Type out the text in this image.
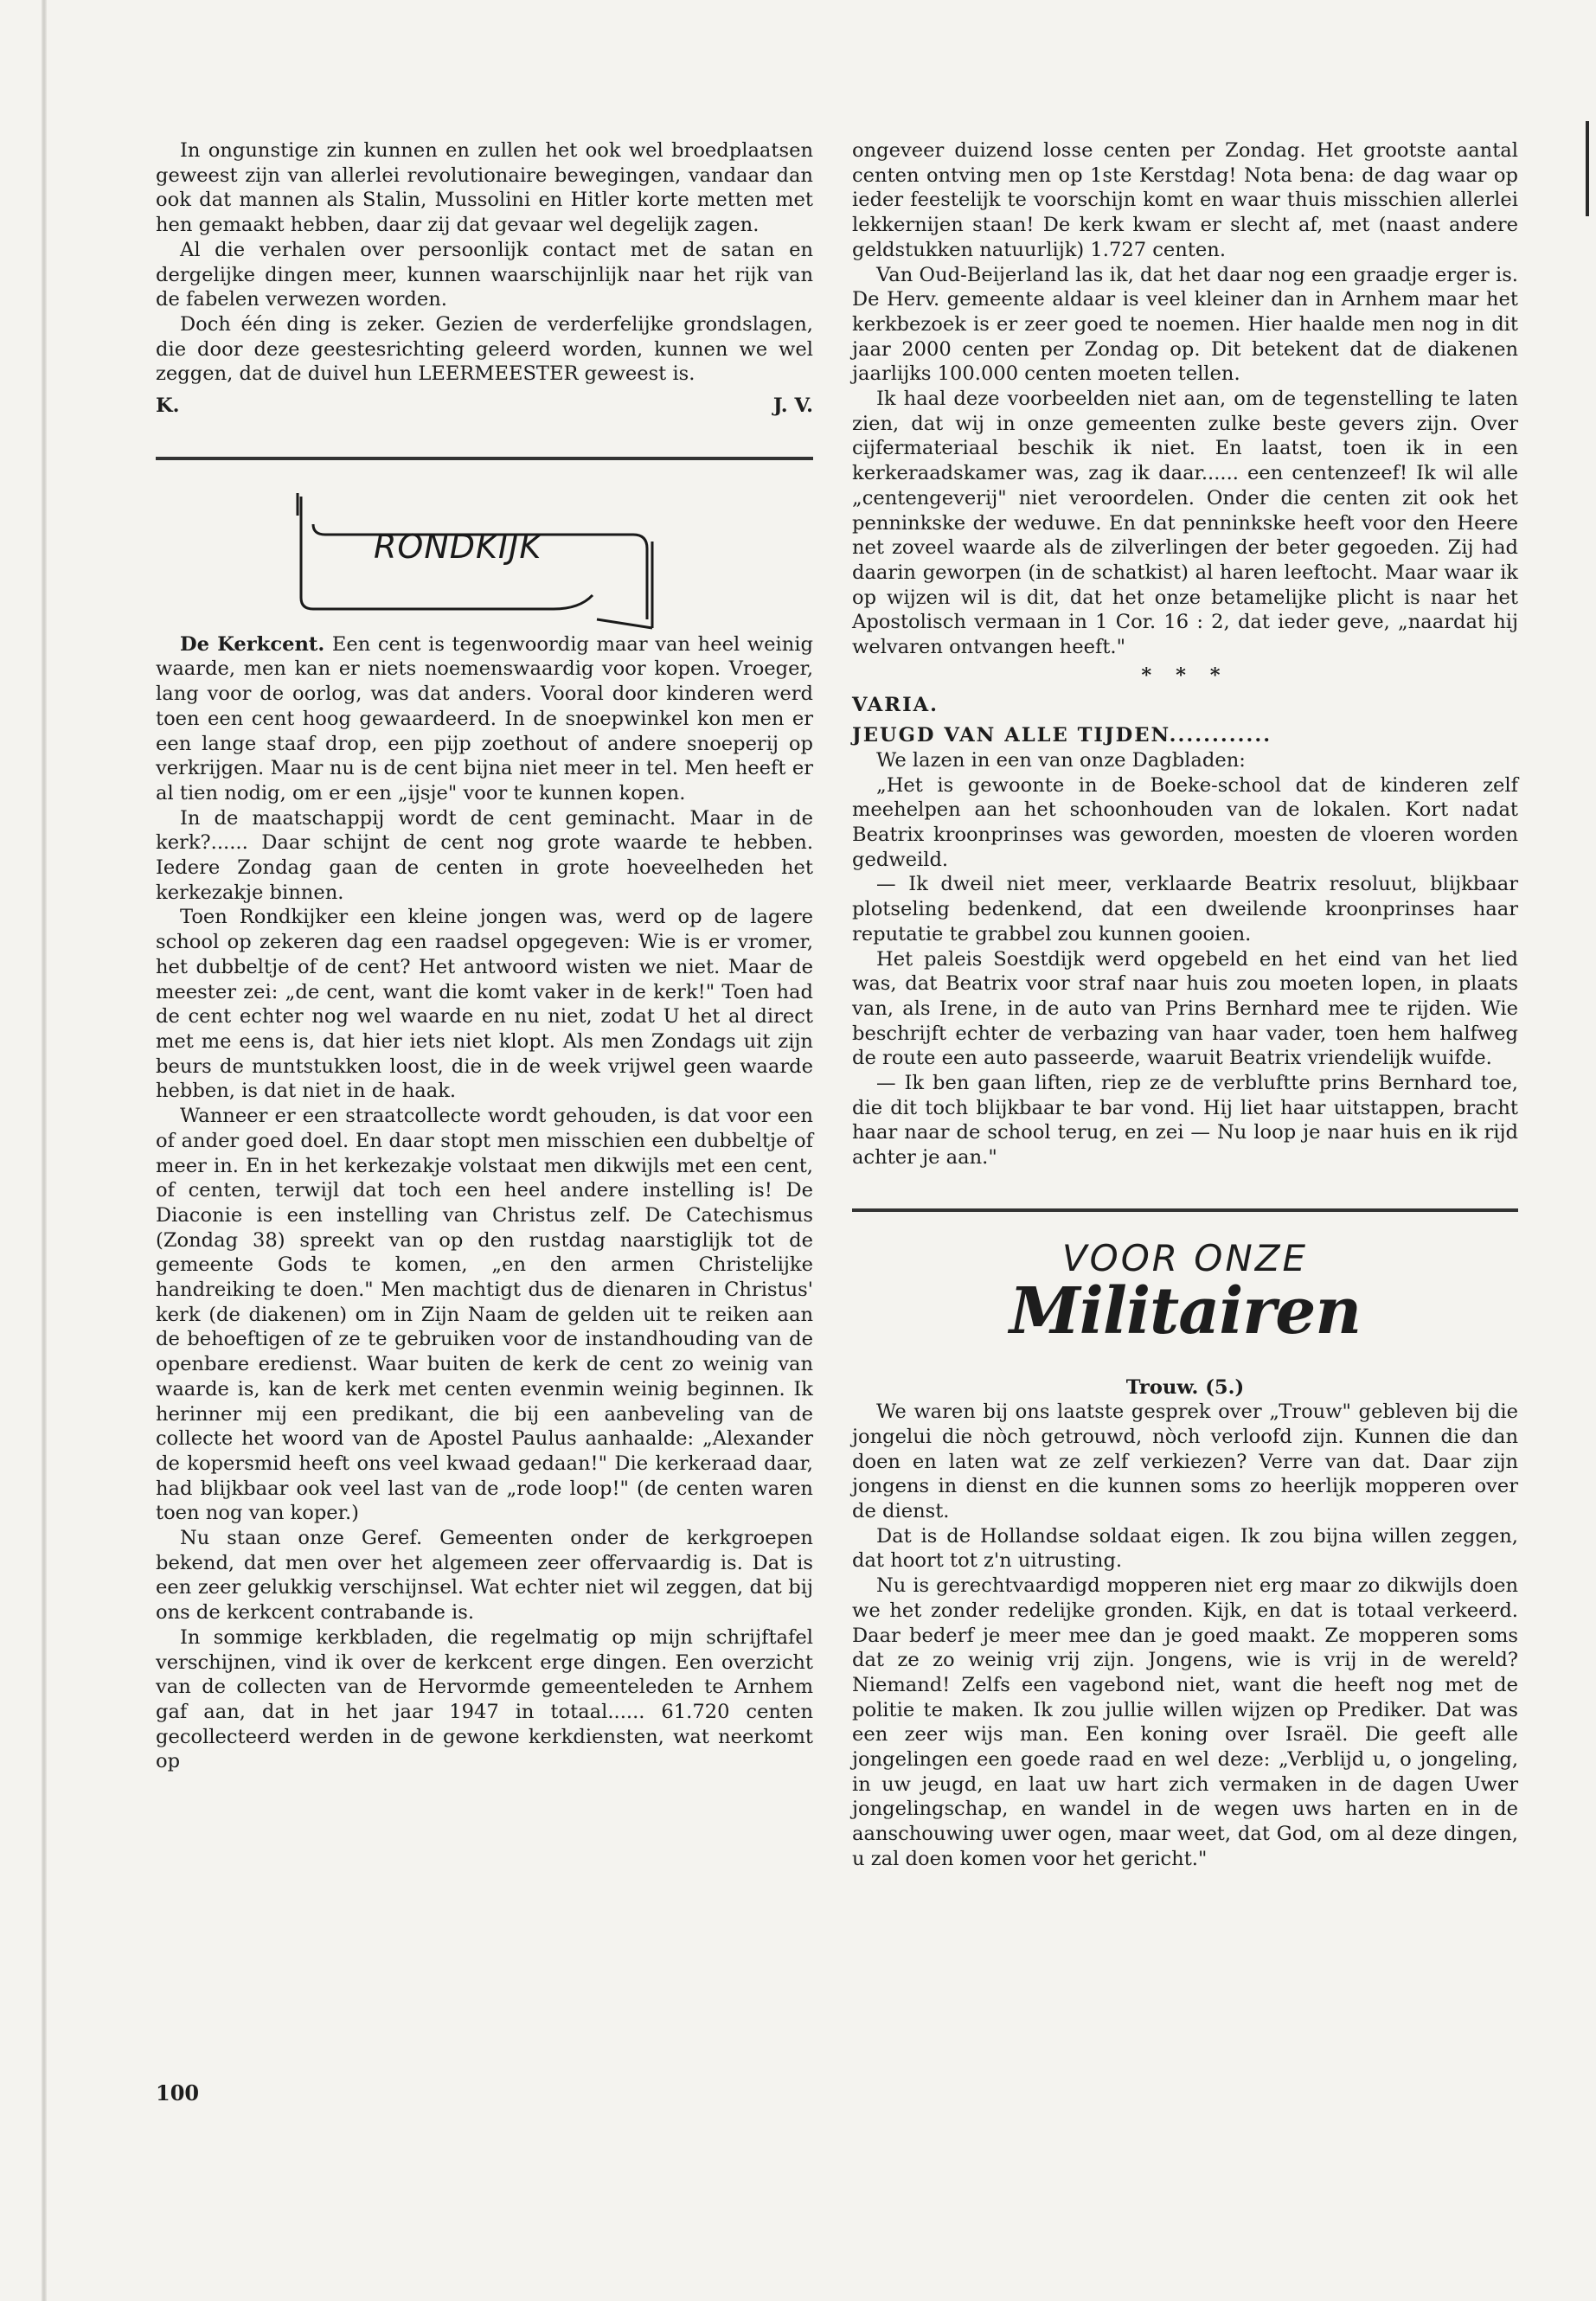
In ongunstige zin kunnen en zullen het ook wel broedplaatsen geweest zijn van allerlei revolutionaire bewegingen, vandaar dan ook dat mannen als Stalin, Mussolini en Hitler korte metten met hen gemaakt hebben, daar zij dat gevaar wel degelijk zagen.

Al die verhalen over persoonlijk contact met de satan en dergelijke dingen meer, kunnen waarschijnlijk naar het rijk van de fabelen verwezen worden.

Doch één ding is zeker. Gezien de verderfelijke grondslagen, die door deze geestesrichting geleerd worden, kunnen we wel zeggen, dat de duivel hun LEERMEESTER geweest is.

K.	J. V.
RONDKIJK

De Kerkcent. Een cent is tegenwoordig maar van heel weinig waarde, men kan er niets noemenswaardig voor kopen. Vroeger, lang voor de oorlog, was dat anders. Vooral door kinderen werd toen een cent hoog gewaardeerd. In de snoepwinkel kon men er een lange staaf drop, een pijp zoethout of andere snoeperij op verkrijgen. Maar nu is de cent bijna niet meer in tel. Men heeft er al tien nodig, om er een „ijsje" voor te kunnen kopen.

In de maatschappij wordt de cent geminacht. Maar in de kerk?...... Daar schijnt de cent nog grote waarde te hebben. Iedere Zondag gaan de centen in grote hoeveelheden het kerkezakje binnen.

Toen Rondkijker een kleine jongen was, werd op de lagere school op zekeren dag een raadsel opgegeven: Wie is er vromer, het dubbeltje of de cent? Het antwoord wisten we niet. Maar de meester zei: „de cent, want die komt vaker in de kerk!" Toen had de cent echter nog wel waarde en nu niet, zodat U het al direct met me eens is, dat hier iets niet klopt. Als men Zondags uit zijn beurs de muntstukken loost, die in de week vrijwel geen waarde hebben, is dat niet in de haak.

Wanneer er een straatcollecte wordt gehouden, is dat voor een of ander goed doel. En daar stopt men misschien een dubbeltje of meer in. En in het kerkezakje volstaat men dikwijls met een cent, of centen, terwijl dat toch een heel andere instelling is! De Diaconie is een instelling van Christus zelf. De Catechismus (Zondag 38) spreekt van op den rustdag naarstiglijk tot de gemeente Gods te komen, „en den armen Christelijke handreiking te doen." Men machtigt dus de dienaren in Christus' kerk (de diakenen) om in Zijn Naam de gelden uit te reiken aan de behoeftigen of ze te gebruiken voor de instandhouding van de openbare eredienst. Waar buiten de kerk de cent zo weinig van waarde is, kan de kerk met centen evenmin weinig beginnen. Ik herinner mij een predikant, die bij een aanbeveling van de collecte het woord van de Apostel Paulus aanhaalde: „Alexander de kopersmid heeft ons veel kwaad gedaan!" Die kerkeraad daar, had blijkbaar ook veel last van de „rode loop!" (de centen waren toen nog van koper.)

Nu staan onze Geref. Gemeenten onder de kerkgroepen bekend, dat men over het algemeen zeer offervaardig is. Dat is een zeer gelukkig verschijnsel. Wat echter niet wil zeggen, dat bij ons de kerkcent contrabande is.

In sommige kerkbladen, die regelmatig op mijn schrijftafel verschijnen, vind ik over de kerkcent erge dingen. Een overzicht van de collecten van de Hervormde gemeenteleden te Arnhem gaf aan, dat in het jaar 1947 in totaal...... 61.720 centen gecollecteerd werden in de gewone kerkdiensten, wat neerkomt op

ongeveer duizend losse centen per Zondag. Het grootste aantal centen ontving men op 1ste Kerstdag! Nota bena: de dag waar op ieder feestelijk te voorschijn komt en waar thuis misschien allerlei lekkernijen staan! De kerk kwam er slecht af, met (naast andere geldstukken natuurlijk) 1.727 centen.

Van Oud-Beijerland las ik, dat het daar nog een graadje erger is. De Herv. gemeente aldaar is veel kleiner dan in Arnhem maar het kerkbezoek is er zeer goed te noemen. Hier haalde men nog in dit jaar 2000 centen per Zondag op. Dit betekent dat de diakenen jaarlijks 100.000 centen moeten tellen.

Ik haal deze voorbeelden niet aan, om de tegenstelling te laten zien, dat wij in onze gemeenten zulke beste gevers zijn. Over cijfermateriaal beschik ik niet. En laatst, toen ik in een kerkeraadskamer was, zag ik daar...... een centenzeef! Ik wil alle „centengeverij" niet veroordelen. Onder die centen zit ook het penninkske der weduwe. En dat penninkske heeft voor den Heere net zoveel waarde als de zilverlingen der beter gegoeden. Zij had daarin geworpen (in de schatkist) al haren leeftocht. Maar waar ik op wijzen wil is dit, dat het onze betamelijke plicht is naar het Apostolisch vermaan in 1 Cor. 16 : 2, dat ieder geve, „naardat hij welvaren ontvangen heeft."

* * *
VARIA.
JEUGD VAN ALLE TIJDEN............

We lazen in een van onze Dagbladen:

„Het is gewoonte in de Boeke-school dat de kinderen zelf meehelpen aan het schoonhouden van de lokalen. Kort nadat Beatrix kroonprinses was geworden, moesten de vloeren worden gedweild.

— Ik dweil niet meer, verklaarde Beatrix resoluut, blijkbaar plotseling bedenkend, dat een dweilende kroonprinses haar reputatie te grabbel zou kunnen gooien.

Het paleis Soestdijk werd opgebeld en het eind van het lied was, dat Beatrix voor straf naar huis zou moeten lopen, in plaats van, als Irene, in de auto van Prins Bernhard mee te rijden. Wie beschrijft echter de verbazing van haar vader, toen hem halfweg de route een auto passeerde, waaruit Beatrix vriendelijk wuifde.

— Ik ben gaan liften, riep ze de verbluftte prins Bernhard toe, die dit toch blijkbaar te bar vond. Hij liet haar uitstappen, bracht haar naar de school terug, en zei — Nu loop je naar huis en ik rijd achter je aan."

VOOR ONZE
Militairen
Trouw. (5.)

We waren bij ons laatste gesprek over „Trouw" gebleven bij die jongelui die nòch getrouwd, nòch verloofd zijn. Kunnen die dan doen en laten wat ze zelf verkiezen? Verre van dat. Daar zijn jongens in dienst en die kunnen soms zo heerlijk mopperen over de dienst.

Dat is de Hollandse soldaat eigen. Ik zou bijna willen zeggen, dat hoort tot z'n uitrusting.

Nu is gerechtvaardigd mopperen niet erg maar zo dikwijls doen we het zonder redelijke gronden. Kijk, en dat is totaal verkeerd. Daar bederf je meer mee dan je goed maakt. Ze mopperen soms dat ze zo weinig vrij zijn. Jongens, wie is vrij in de wereld? Niemand! Zelfs een vagebond niet, want die heeft nog met de politie te maken. Ik zou jullie willen wijzen op Prediker. Dat was een zeer wijs man. Een koning over Israël. Die geeft alle jongelingen een goede raad en wel deze: „Verblijd u, o jongeling, in uw jeugd, en laat uw hart zich vermaken in de dagen Uwer jongelingschap, en wandel in de wegen uws harten en in de aanschouwing uwer ogen, maar weet, dat God, om al deze dingen, u zal doen komen voor het gericht."

100
